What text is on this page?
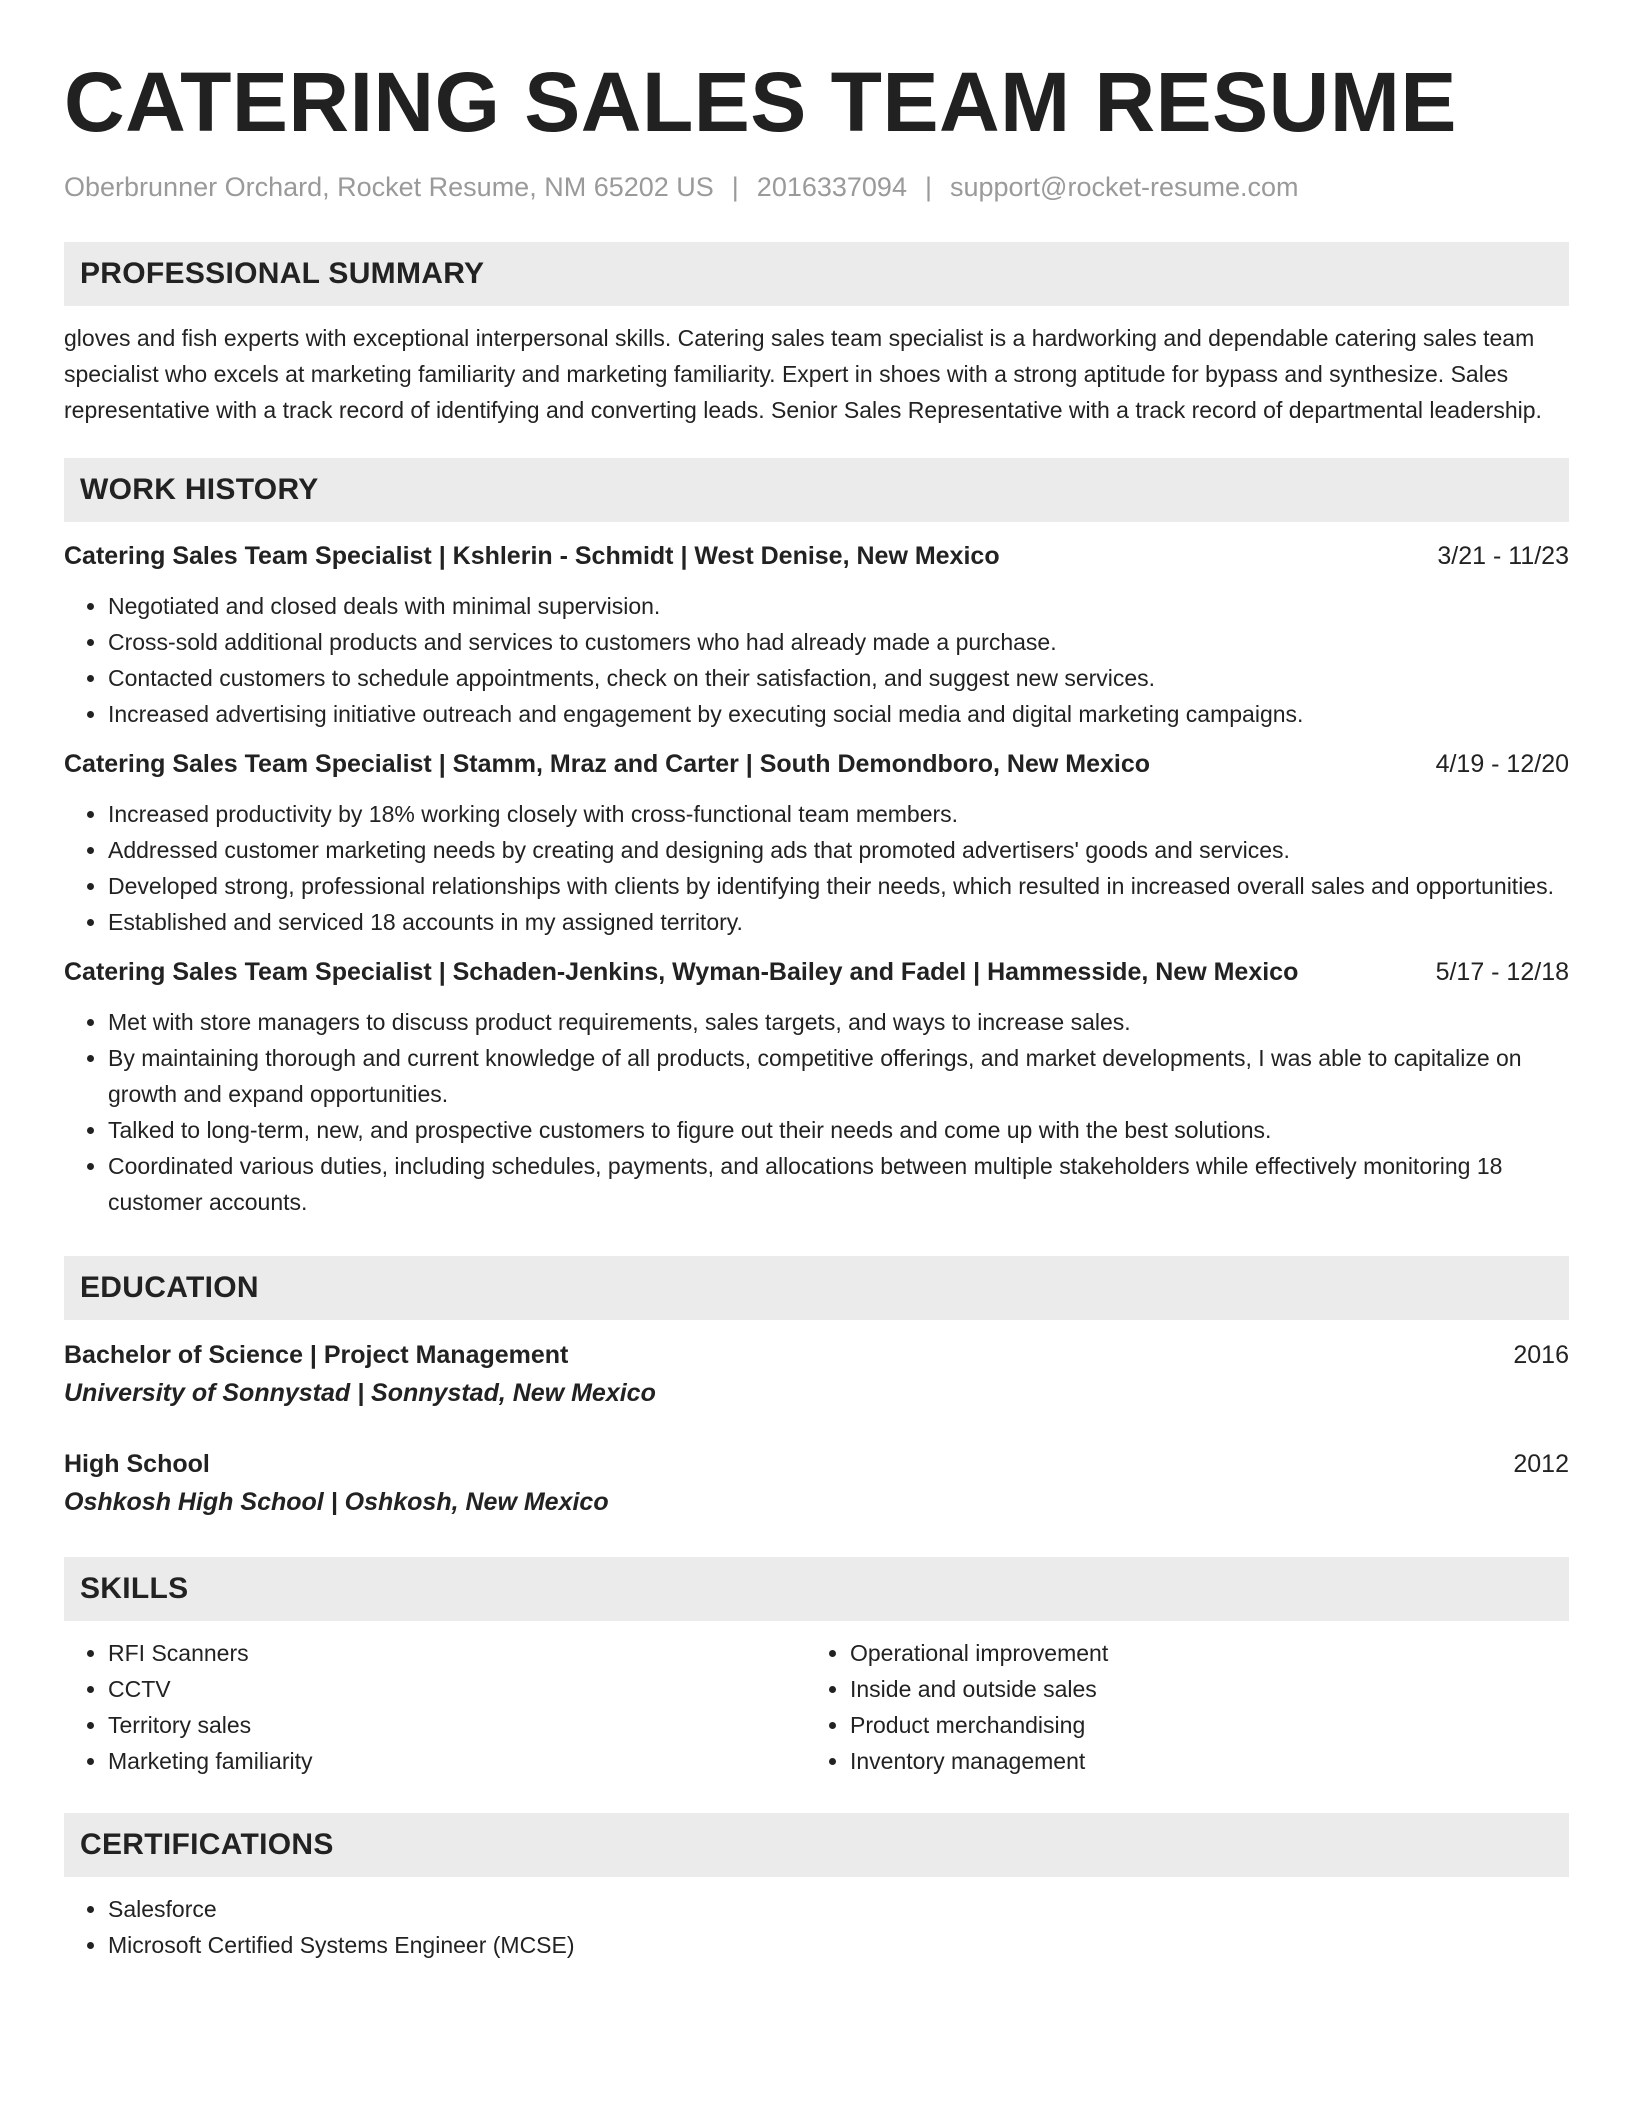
CATERING SALES TEAM RESUME
Oberbrunner Orchard, Rocket Resume, NM 65202 US | 2016337094 | support@rocket-resume.com
PROFESSIONAL SUMMARY
gloves and fish experts with exceptional interpersonal skills. Catering sales team specialist is a hardworking and dependable catering sales team specialist who excels at marketing familiarity and marketing familiarity. Expert in shoes with a strong aptitude for bypass and synthesize. Sales representative with a track record of identifying and converting leads. Senior Sales Representative with a track record of departmental leadership.
WORK HISTORY
Catering Sales Team Specialist | Kshlerin - Schmidt | West Denise, New Mexico	3/21 - 11/23
• Negotiated and closed deals with minimal supervision.
• Cross-sold additional products and services to customers who had already made a purchase.
• Contacted customers to schedule appointments, check on their satisfaction, and suggest new services.
• Increased advertising initiative outreach and engagement by executing social media and digital marketing campaigns.
Catering Sales Team Specialist | Stamm, Mraz and Carter | South Demondboro, New Mexico	4/19 - 12/20
• Increased productivity by 18% working closely with cross-functional team members.
• Addressed customer marketing needs by creating and designing ads that promoted advertisers' goods and services.
• Developed strong, professional relationships with clients by identifying their needs, which resulted in increased overall sales and opportunities.
• Established and serviced 18 accounts in my assigned territory.
Catering Sales Team Specialist | Schaden-Jenkins, Wyman-Bailey and Fadel | Hammesside, New Mexico	5/17 - 12/18
• Met with store managers to discuss product requirements, sales targets, and ways to increase sales.
• By maintaining thorough and current knowledge of all products, competitive offerings, and market developments, I was able to capitalize on growth and expand opportunities.
• Talked to long-term, new, and prospective customers to figure out their needs and come up with the best solutions.
• Coordinated various duties, including schedules, payments, and allocations between multiple stakeholders while effectively monitoring 18 customer accounts.
EDUCATION
Bachelor of Science | Project Management	2016
University of Sonnystad | Sonnystad, New Mexico
High School	2012
Oshkosh High School | Oshkosh, New Mexico
SKILLS
• RFI Scanners
• CCTV
• Territory sales
• Marketing familiarity
• Operational improvement
• Inside and outside sales
• Product merchandising
• Inventory management
CERTIFICATIONS
• Salesforce
• Microsoft Certified Systems Engineer (MCSE)
